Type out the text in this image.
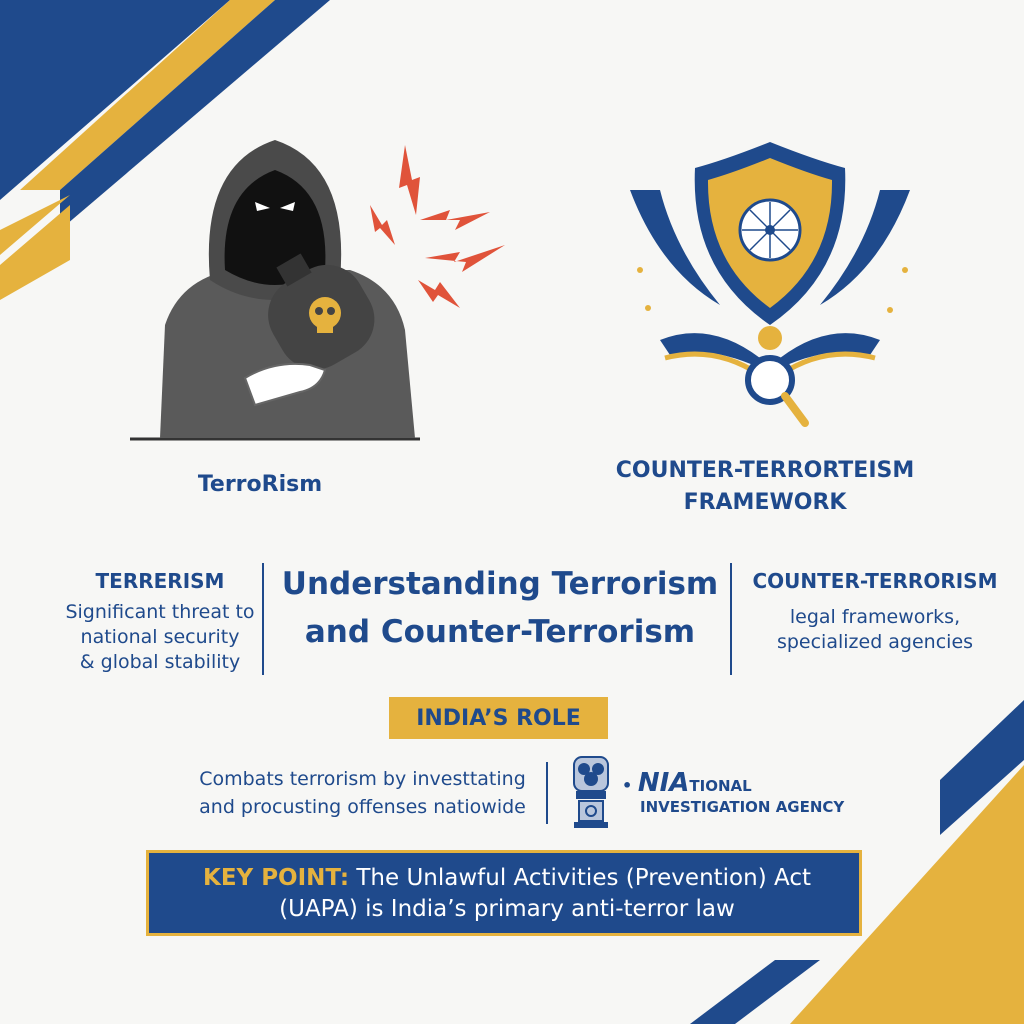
TerroRism
COUNTER-TERRORTEISM
FRAMEWORK
TERRERISM
Significant threat to
national security
& global stability
Understanding Terrorism
and Counter-Terrorism
COUNTER-TERRORISM
legal frameworks,
specialized agencies
INDIA’S ROLE
Combats terrorism by investtating
and procusting offenses natiowide
• NIATIONAL
INVESTIGATION AGENCY
KEY POINT: The Unlawful Activities (Prevention) Act
(UAPA) is India’s primary anti-terror law
